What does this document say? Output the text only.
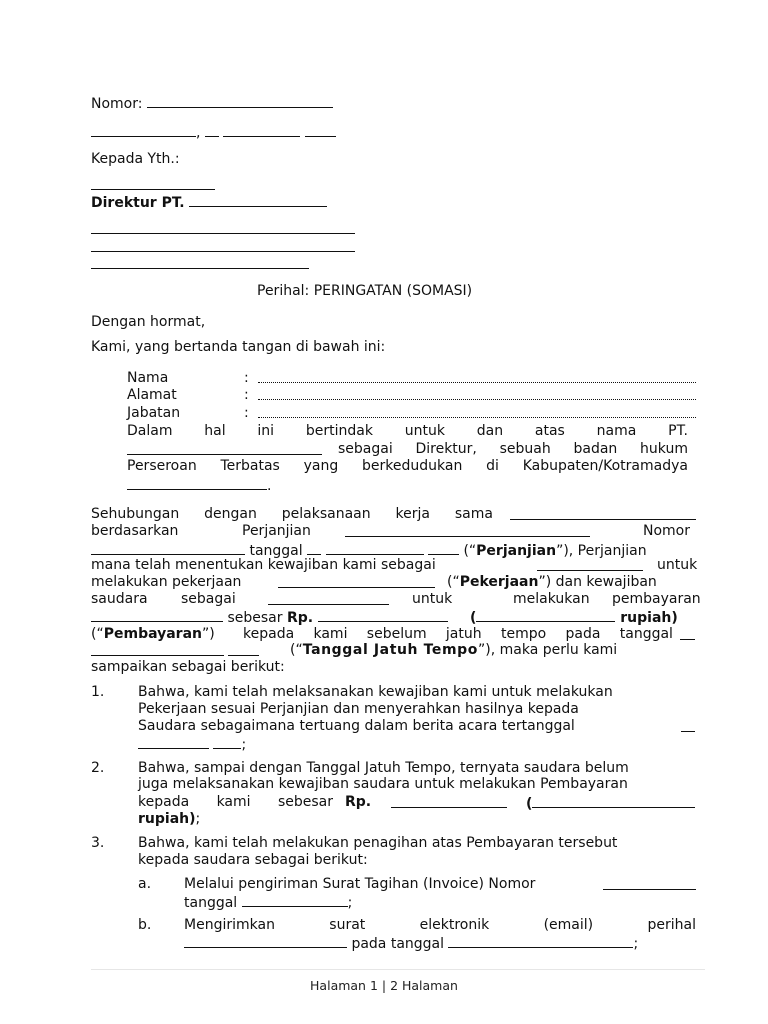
Nomor:
,
Kepada Yth.:
Direktur PT.
Perihal: PERINGATAN (SOMASI)
Dengan hormat,
Kami, yang bertanda tangan di bawah ini:
Nama	:
Alamat	:
Jabatan	:
Dalam hal ini bertindak untuk dan atas nama PT.
sebagai Direktur, sebuah badan hukum
Perseroan Terbatas yang berkedudukan di Kabupaten/Kotramadya
.
Sehubungan dengan pelaksanaan kerja sama
berdasarkan	Perjanjian	Nomor
tanggal	(“Perjanjian”), Perjanjian
mana telah menentukan kewajiban kami sebagai	untuk
melakukan pekerjaan	(“Pekerjaan”) dan kewajiban
saudara sebagai	untuk	melakukan pembayaran
sebesar Rp.	(	rupiah)
(“Pembayaran”) kepada kami sebelum jatuh tempo pada tanggal

(“Tanggal Jatuh Tempo”), maka perlu kami
sampaikan sebagai berikut:
1. Bahwa, kami telah melaksanakan kewajiban kami untuk melakukan
Pekerjaan sesuai Perjanjian dan menyerahkan hasilnya kepada
Saudara sebagaimana tertuang dalam berita acara tertanggal
;
2. Bahwa, sampai dengan Tanggal Jatuh Tempo, ternyata saudara belum
juga melaksanakan kewajiban saudara untuk melakukan Pembayaran
kepada kami sebesar Rp.	(
rupiah);
3. Bahwa, kami telah melakukan penagihan atas Pembayaran tersebut
kepada saudara sebagai berikut:
a. Melalui pengiriman Surat Tagihan (Invoice) Nomor
tanggal	;
b. Mengirimkan	surat	elektronik	(email)	perihal
pada tanggal	;
Halaman 1 | 2 Halaman
